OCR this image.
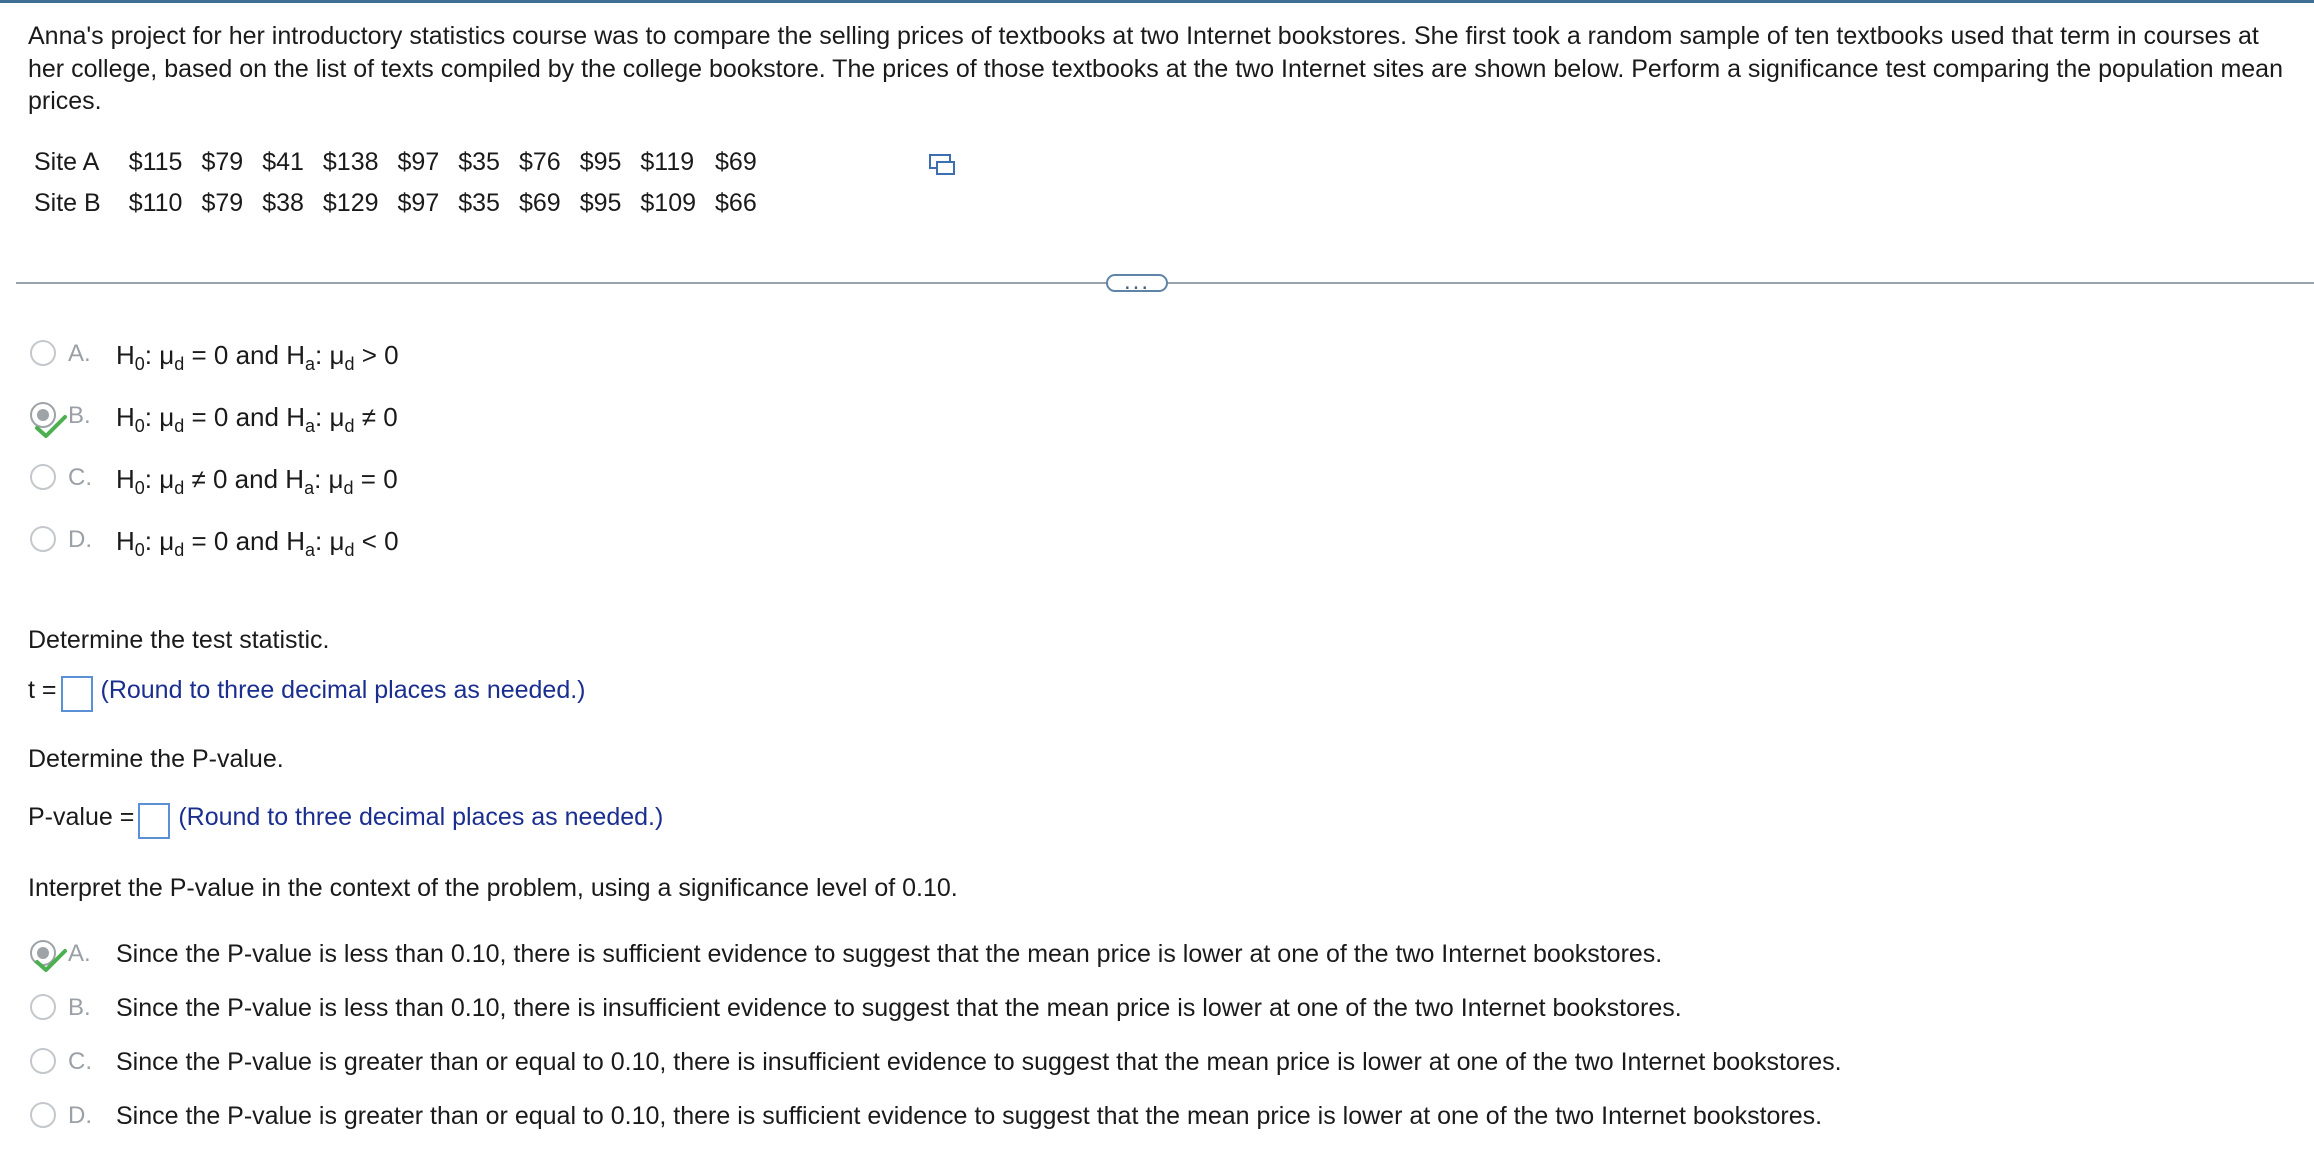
Anna's project for her introductory statistics course was to compare the selling prices of textbooks at two Internet bookstores. She first took a random sample of ten textbooks used that term in courses at her college, based on the list of texts compiled by the college bookstore. The prices of those textbooks at the two Internet sites are shown below. Perform a significance test comparing the population mean prices.
Site A	$115	$79	$41	$138	$97	$35	$76	$95	$119	$69
Site B	$110	$79	$38	$129	$97	$35	$69	$95	$109	$66
...
A. $H_0$: $\mu_d = 0$ and $H_a$: $\mu_d > 0$
B. $H_0$: $\mu_d = 0$ and $H_a$: $\mu_d \ne 0$
C. $H_0$: $\mu_d \ne 0$ and $H_a$: $\mu_d = 0$
D. $H_0$: $\mu_d = 0$ and $H_a$: $\mu_d < 0$
Determine the test statistic.
t = (Round to three decimal places as needed.)
Determine the P-value.
P-value = (Round to three decimal places as needed.)
Interpret the P-value in the context of the problem, using a significance level of 0.10.
A. Since the P-value is less than 0.10, there is sufficient evidence to suggest that the mean price is lower at one of the two Internet bookstores.
B. Since the P-value is less than 0.10, there is insufficient evidence to suggest that the mean price is lower at one of the two Internet bookstores.
C. Since the P-value is greater than or equal to 0.10, there is insufficient evidence to suggest that the mean price is lower at one of the two Internet bookstores.
D. Since the P-value is greater than or equal to 0.10, there is sufficient evidence to suggest that the mean price is lower at one of the two Internet bookstores.
